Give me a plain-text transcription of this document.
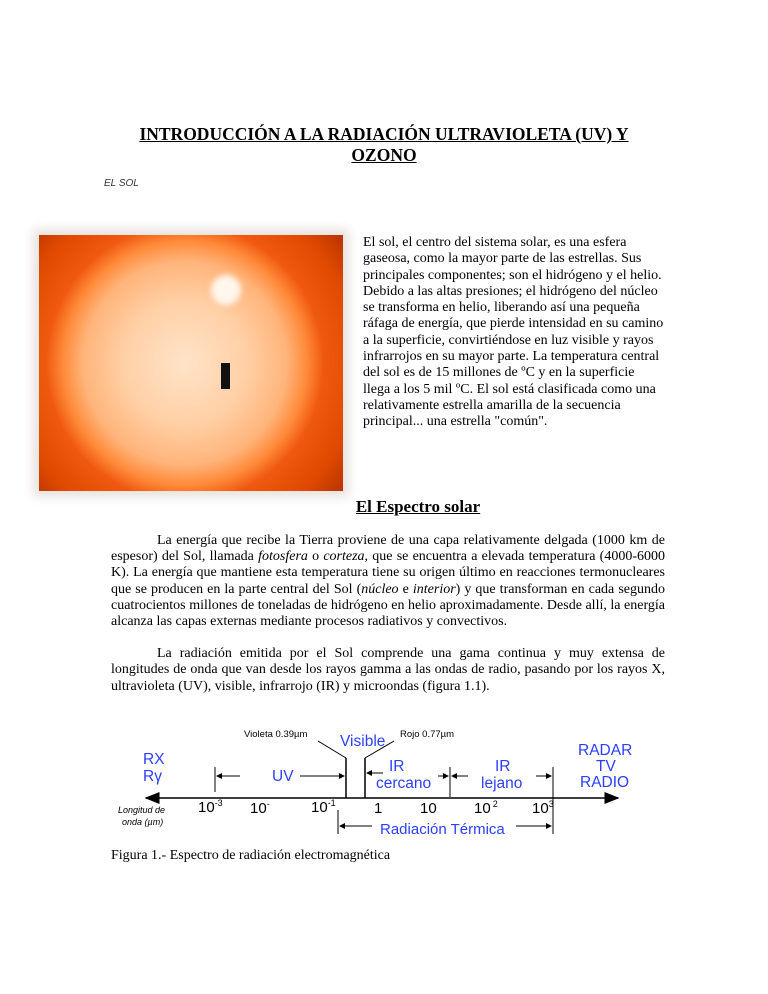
INTRODUCCIÓN A LA RADIACIÓN ULTRAVIOLETA (UV) Y
OZONO
EL SOL
El sol, el centro del sistema solar, es una esfera gaseosa, como la mayor parte de las estrellas. Sus principales componentes; son el hidrógeno y el helio. Debido a las altas presiones; el hidrógeno del núcleo se transforma en helio, liberando así una pequeña ráfaga de energía, que pierde intensidad en su camino a la superficie, convirtiéndose en luz visible y rayos infrarrojos en su mayor parte. La temperatura central del sol es de 15 millones de ºC y en la superficie llega a los 5 mil ºC. El sol está clasificada como una relativamente estrella amarilla de la secuencia principal... una estrella "común".
El Espectro solar

La energía que recibe la Tierra proviene de una capa relativamente delgada (1000 km de espesor) del Sol, llamada fotosfera o corteza, que se encuentra a elevada temperatura (4000-6000 K). La energía que mantiene esta temperatura tiene su origen último en reacciones termonucleares que se producen en la parte central del Sol (núcleo e interior) y que transforman en cada segundo cuatrocientos millones de toneladas de hidrógeno en helio aproximadamente. Desde allí, la energía alcanza las capas externas mediante procesos radiativos y convectivos.

La radiación emitida por el Sol comprende una gama continua y muy extensa de longitudes de onda que van desde los rayos gamma a las ondas de radio, pasando por los rayos X, ultravioleta (UV), visible, infrarrojo (IR) y microondas (figura 1.1).

Violeta 0.39µm	Rojo 0.77µm
Visible
RX
Rγ	UV
IR
cercano
IR
lejano
RADAR
TV
RADIO
Longitud de
onda (µm)
$10^{-3}$ 10-	$10^{-1}$	1	10 10 $^2$ $10^3$
Radiación Térmica
Figura 1.- Espectro de radiación electromagnética
